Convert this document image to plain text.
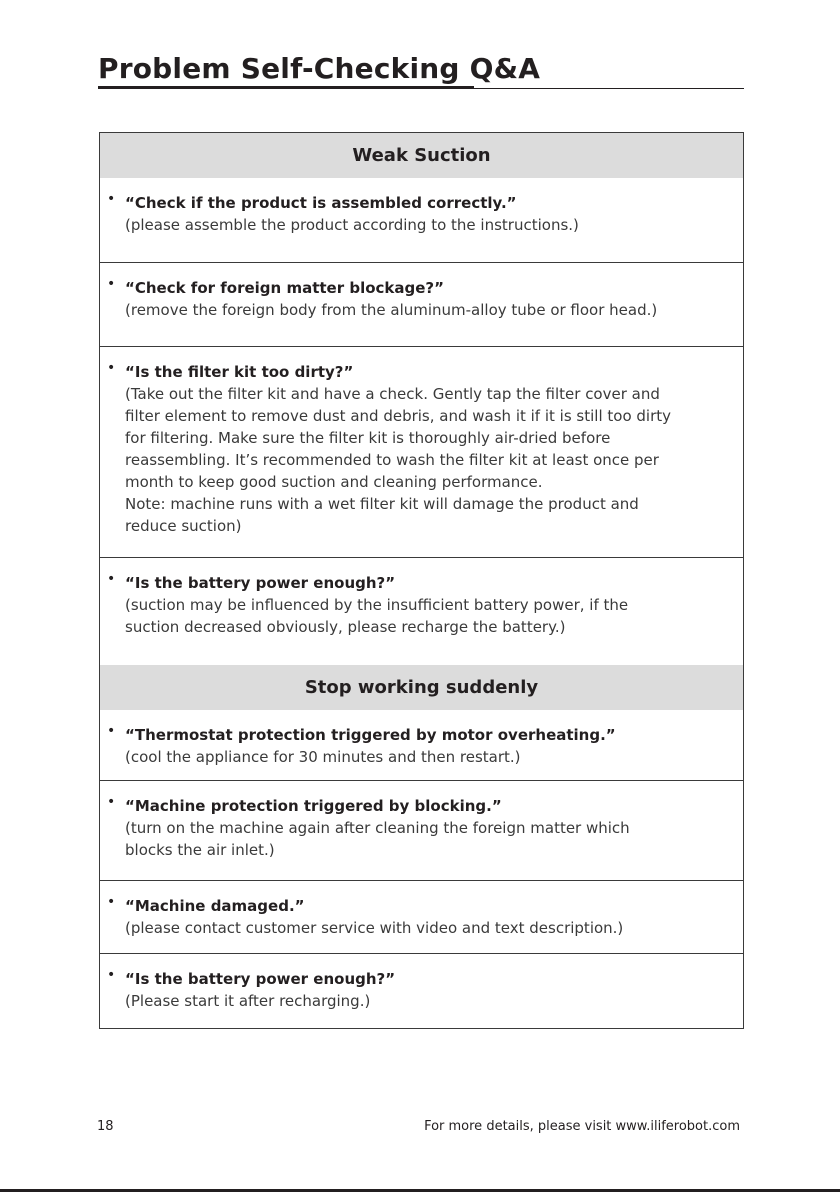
Problem Self-Checking Q&A
Weak Suction
• “Check if the product is assembled correctly.”
(please assemble the product according to the instructions.)
• “Check for foreign matter blockage?”
(remove the foreign body from the aluminum-alloy tube or floor head.)
• “Is the filter kit too dirty?”
(Take out the filter kit and have a check. Gently tap the filter cover and
filter element to remove dust and debris, and wash it if it is still too dirty
for filtering. Make sure the filter kit is thoroughly air-dried before
reassembling. It’s recommended to wash the filter kit at least once per
month to keep good suction and cleaning performance.
Note: machine runs with a wet filter kit will damage the product and
reduce suction)
• “Is the battery power enough?”
(suction may be influenced by the insufficient battery power, if the
suction decreased obviously, please recharge the battery.)
Stop working suddenly
• “Thermostat protection triggered by motor overheating.”
(cool the appliance for 30 minutes and then restart.)
• “Machine protection triggered by blocking.”
(turn on the machine again after cleaning the foreign matter which
blocks the air inlet.)
• “Machine damaged.”
(please contact customer service with video and text description.)
• “Is the battery power enough?”
(Please start it after recharging.)
18	For more details, please visit www.iliferobot.com
